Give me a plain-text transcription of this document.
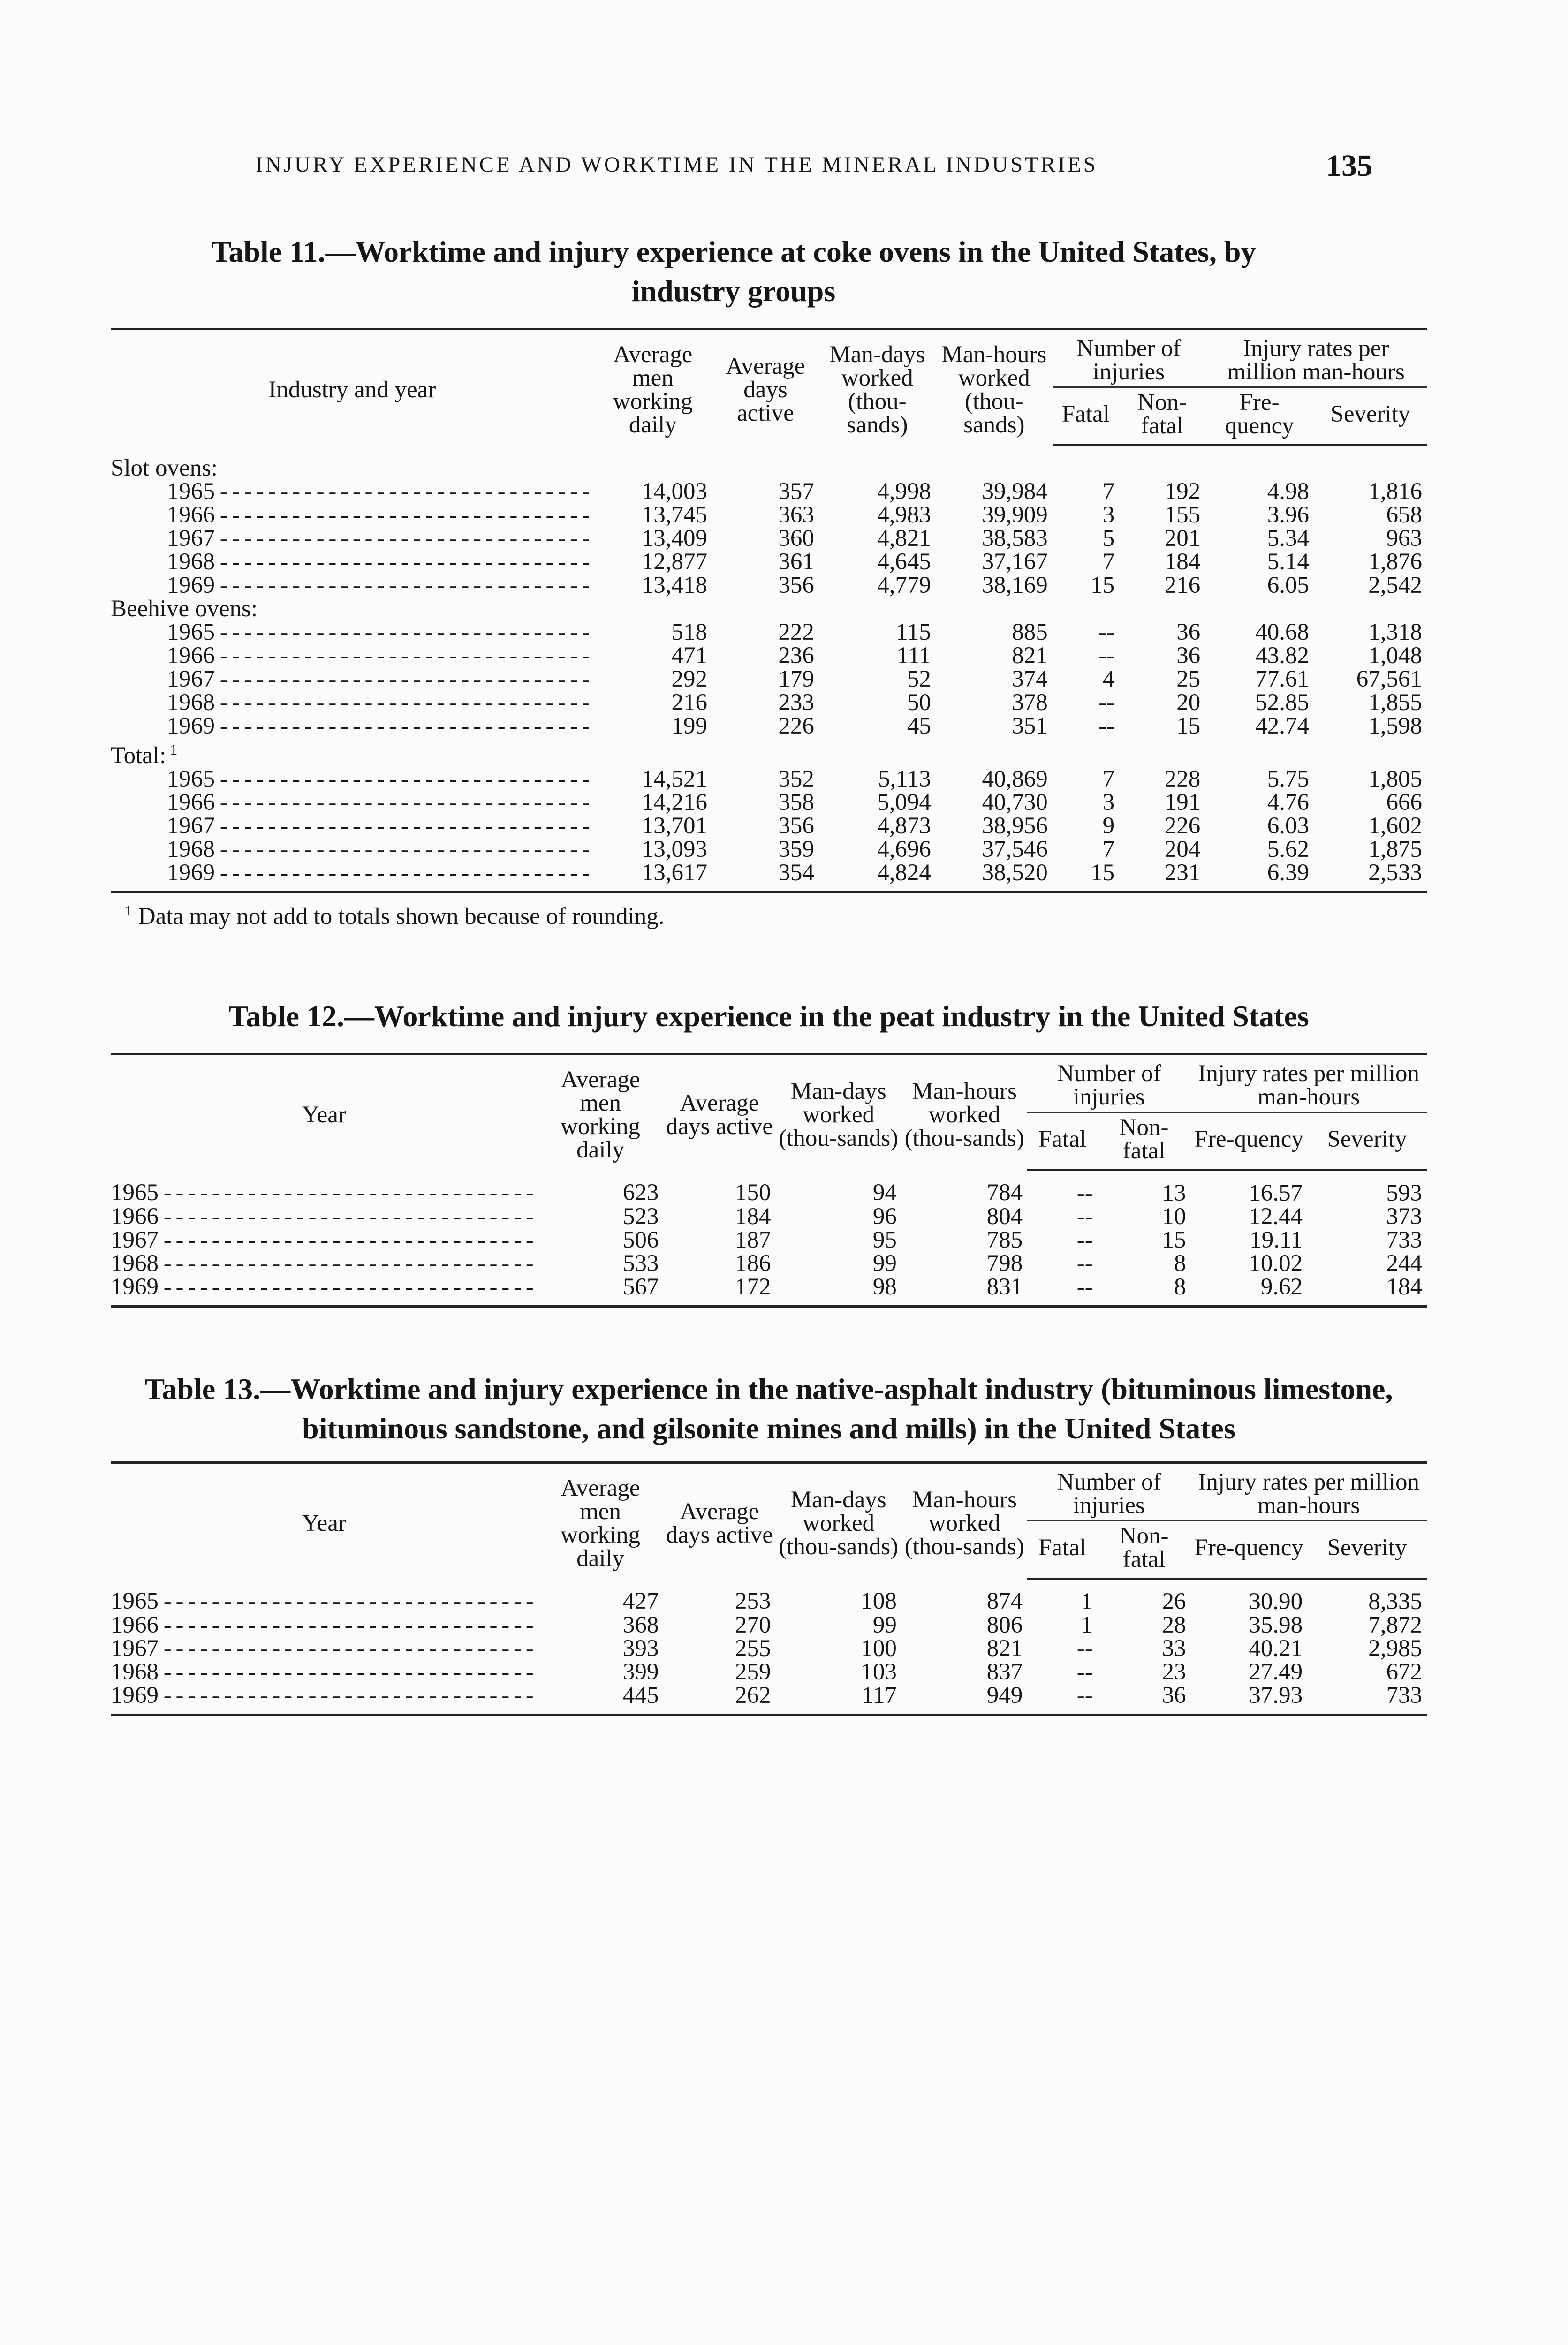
INJURY EXPERIENCE AND WORKTIME IN THE MINERAL INDUSTRIES	135
Table 11.—Worktime and injury experience at coke ovens in the United States, by industry groups
Industry and year	Average men working daily	Average days active	Man-days worked (thou-sands)	Man-hours worked (thou-sands)	Number of injuries		Injury rates per million man-hours	
					Fatal	Non-fatal	Fre-quency	Severity
Slot ovens:								
1965 - - -	14,003	357	4,998	39,984	7	192	4.98	1,816
1966 - - -	13,745	363	4,983	39,909	3	155	3.96	658
1967 - - -	13,409	360	4,821	38,583	5	201	5.34	963
1968 - - -	12,877	361	4,645	37,167	7	184	5.14	1,876
1969 - - -	13,418	356	4,779	38,169	15	216	6.05	2,542
Beehive ovens:								
1965 - - -	518	222	115	885	--	36	40.68	1,318
1966 - - -	471	236	111	821	--	36	43.82	1,048
1967 - - -	292	179	52	374	4	25	77.61	67,561
1968 - - -	216	233	50	378	--	20	52.85	1,855
1969 - - -	199	226	45	351	--	15	42.74	1,598
Total: $^1$
1965 - - -	14,521	352	5,113	40,869	7	228	5.75	1,805
1966 - - -	14,216	358	5,094	40,730	3	191	4.76	666
1967 - - -	13,701	356	4,873	38,956	9	226	6.03	1,602
1968 - - -	13,093	359	4,696	37,546	7	204	5.62	1,875
1969 - - -	13,617	354	4,824	38,520	15	231	6.39	2,533
$^1$ Data may not add to totals shown because of rounding.
Table 12.—Worktime and injury experience in the peat industry in the United States
Year	Average men working daily	Average days active	Man-days worked (thou-sands)	Man-hours worked (thou-sands)	Number of injuries		Injury rates per million man-hours	
					Fatal	Non-fatal	Fre-quency	Severity
1965 - - -	623	150	94	784	--	13	16.57	593
1966 - - -	523	184	96	804	--	10	12.44	373
1967 - - -	506	187	95	785	--	15	19.11	733
1968 - - -	533	186	99	798	--	8	10.02	244
1969 - - -	567	172	98	831	--	8	9.62	184
Table 13.—Worktime and injury experience in the native-asphalt industry (bituminous limestone, bituminous sandstone, and gilsonite mines and mills) in the United States
Year	Average men working daily	Average days active	Man-days worked (thou-sands)	Man-hours worked (thou-sands)	Number of injuries		Injury rates per million man-hours	
					Fatal	Non-fatal	Fre-quency	Severity
1965 - - -	427	253	108	874	1	26	30.90	8,335
1966 - - -	368	270	99	806	1	28	35.98	7,872
1967 - - -	393	255	100	821	--	33	40.21	2,985
1968 - - -	399	259	103	837	--	23	27.49	672
1969 - - -	445	262	117	949	--	36	37.93	733
